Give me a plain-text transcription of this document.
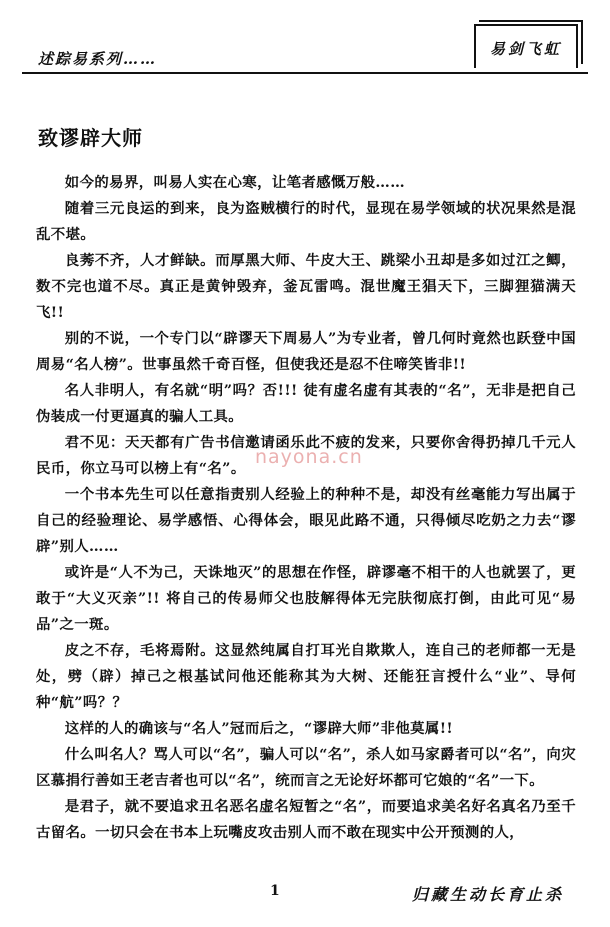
述踪易系列……
易剑飞虹
致谬辟大师

如今的易界，叫易人实在心寒，让笔者感慨万般……

随着三元良运的到来，良为盗贼横行的时代，显现在易学领域的状况果然是混乱不堪。

良莠不齐，人才鲜缺。而厚黑大师、牛皮大王、跳梁小丑却是多如过江之鲫，数不完也道不尽。真正是黄钟毁弃，釜瓦雷鸣。混世魔王猖天下，三脚狸猫满天飞!!

别的不说，一个专门以“辟谬天下周易人”为专业者，曾几何时竟然也跃登中国周易“名人榜”。世事虽然千奇百怪，但使我还是忍不住啼笑皆非!!

名人非明人，有名就“明”吗？否!!! 徒有虚名虚有其表的“名”，无非是把自己伪装成一付更逼真的骗人工具。

君不见：天天都有广告书信邀请函乐此不疲的发来，只要你舍得扔掉几千元人民币，你立马可以榜上有“名”。

一个书本先生可以任意指责别人经验上的种种不是，却没有丝毫能力写出属于自己的经验理论、易学感悟、心得体会，眼见此路不通，只得倾尽吃奶之力去“谬辟”别人……

或许是“人不为己，天诛地灭”的思想在作怪，辟谬毫不相干的人也就罢了，更敢于“大义灭亲”!! 将自己的传易师父也肢解得体无完肤彻底打倒，由此可见“易品”之一斑。

皮之不存，毛将焉附。这显然纯属自打耳光自欺欺人，连自己的老师都一无是处，劈（辟）掉己之根基试问他还能称其为大树、还能狂言授什么“业”、导何种“航”吗？？

这样的人的确该与“名人”冠而后之，“谬辟大师”非他莫属!!

什么叫名人？骂人可以“名”，骗人可以“名”，杀人如马家爵者可以“名”，向灾区慕捐行善如王老吉者也可以“名”，统而言之无论好坏都可它娘的“名”一下。

是君子，就不要追求丑名恶名虚名短暂之“名”，而要追求美名好名真名乃至千古留名。一切只会在书本上玩嘴皮攻击别人而不敢在现实中公开预测的人，

nayona.cn
1	归藏生动长育止杀
